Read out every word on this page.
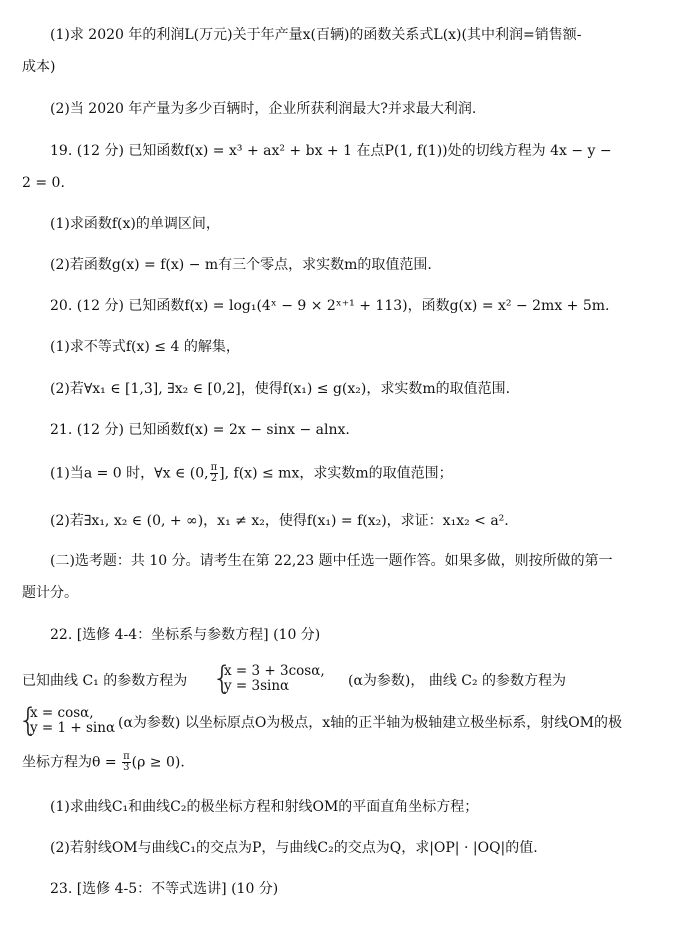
(1)求 2020 年的利润L(万元)关于年产量x(百辆)的函数关系式L(x)(其中利润=销售额-
成本)
(2)当 2020 年产量为多少百辆时，企业所获利润最大?并求最大利润.
19. (12 分) 已知函数f(x) = x³ + ax² + bx + 1 在点P(1, f(1))处的切线方程为 4x − y −
2 = 0.
(1)求函数f(x)的单调区间，
(2)若函数g(x) = f(x) − m有三个零点，求实数m的取值范围.
20. (12 分) 已知函数f(x) = log₁(4ˣ − 9 × 2ˣ⁺¹ + 113)，函数g(x) = x² − 2mx + 5m.
(1)求不等式f(x) ≤ 4 的解集，
(2)若∀x₁ ∈ [1,3], ∃x₂ ∈ [0,2]，使得f(x₁) ≤ g(x₂)，求实数m的取值范围.
21. (12 分) 已知函数f(x) = 2x − sinx − alnx.
(1)当a = 0 时，∀x ∈ (0, $\frac{\pi}{2}$ ], f(x) ≤ mx，求实数m的取值范围；
(2)若∃x₁, x₂ ∈ (0, + ∞)，x₁ ≠ x₂，使得f(x₁) = f(x₂)，求证：x₁x₂ < a².
(二)选考题：共 10 分。请考生在第 22,23 题中任选一题作答。如果多做，则按所做的第一
题计分。
22. [选修 4-4：坐标系与参数方程] (10 分)
已知曲线 C₁ 的参数方程为 {
x = 3 + 3cosα,
y = 3sinα	(α为参数)， 曲线 C₂ 的参数方程为
{
x = cosα,
y = 1 + sinα (α为参数) 以坐标原点O为极点，x轴的正半轴为极轴建立极坐标系，射线OM的极
坐标方程为$\theta = \frac{\pi}{3} (\rho \ge 0)$.
(1)求曲线C₁和曲线C₂的极坐标方程和射线OM的平面直角坐标方程；
(2)若射线OM与曲线C₁的交点为P，与曲线C₂的交点为Q，求|OP| · |OQ|的值.
23. [选修 4-5：不等式选讲] (10 分)
